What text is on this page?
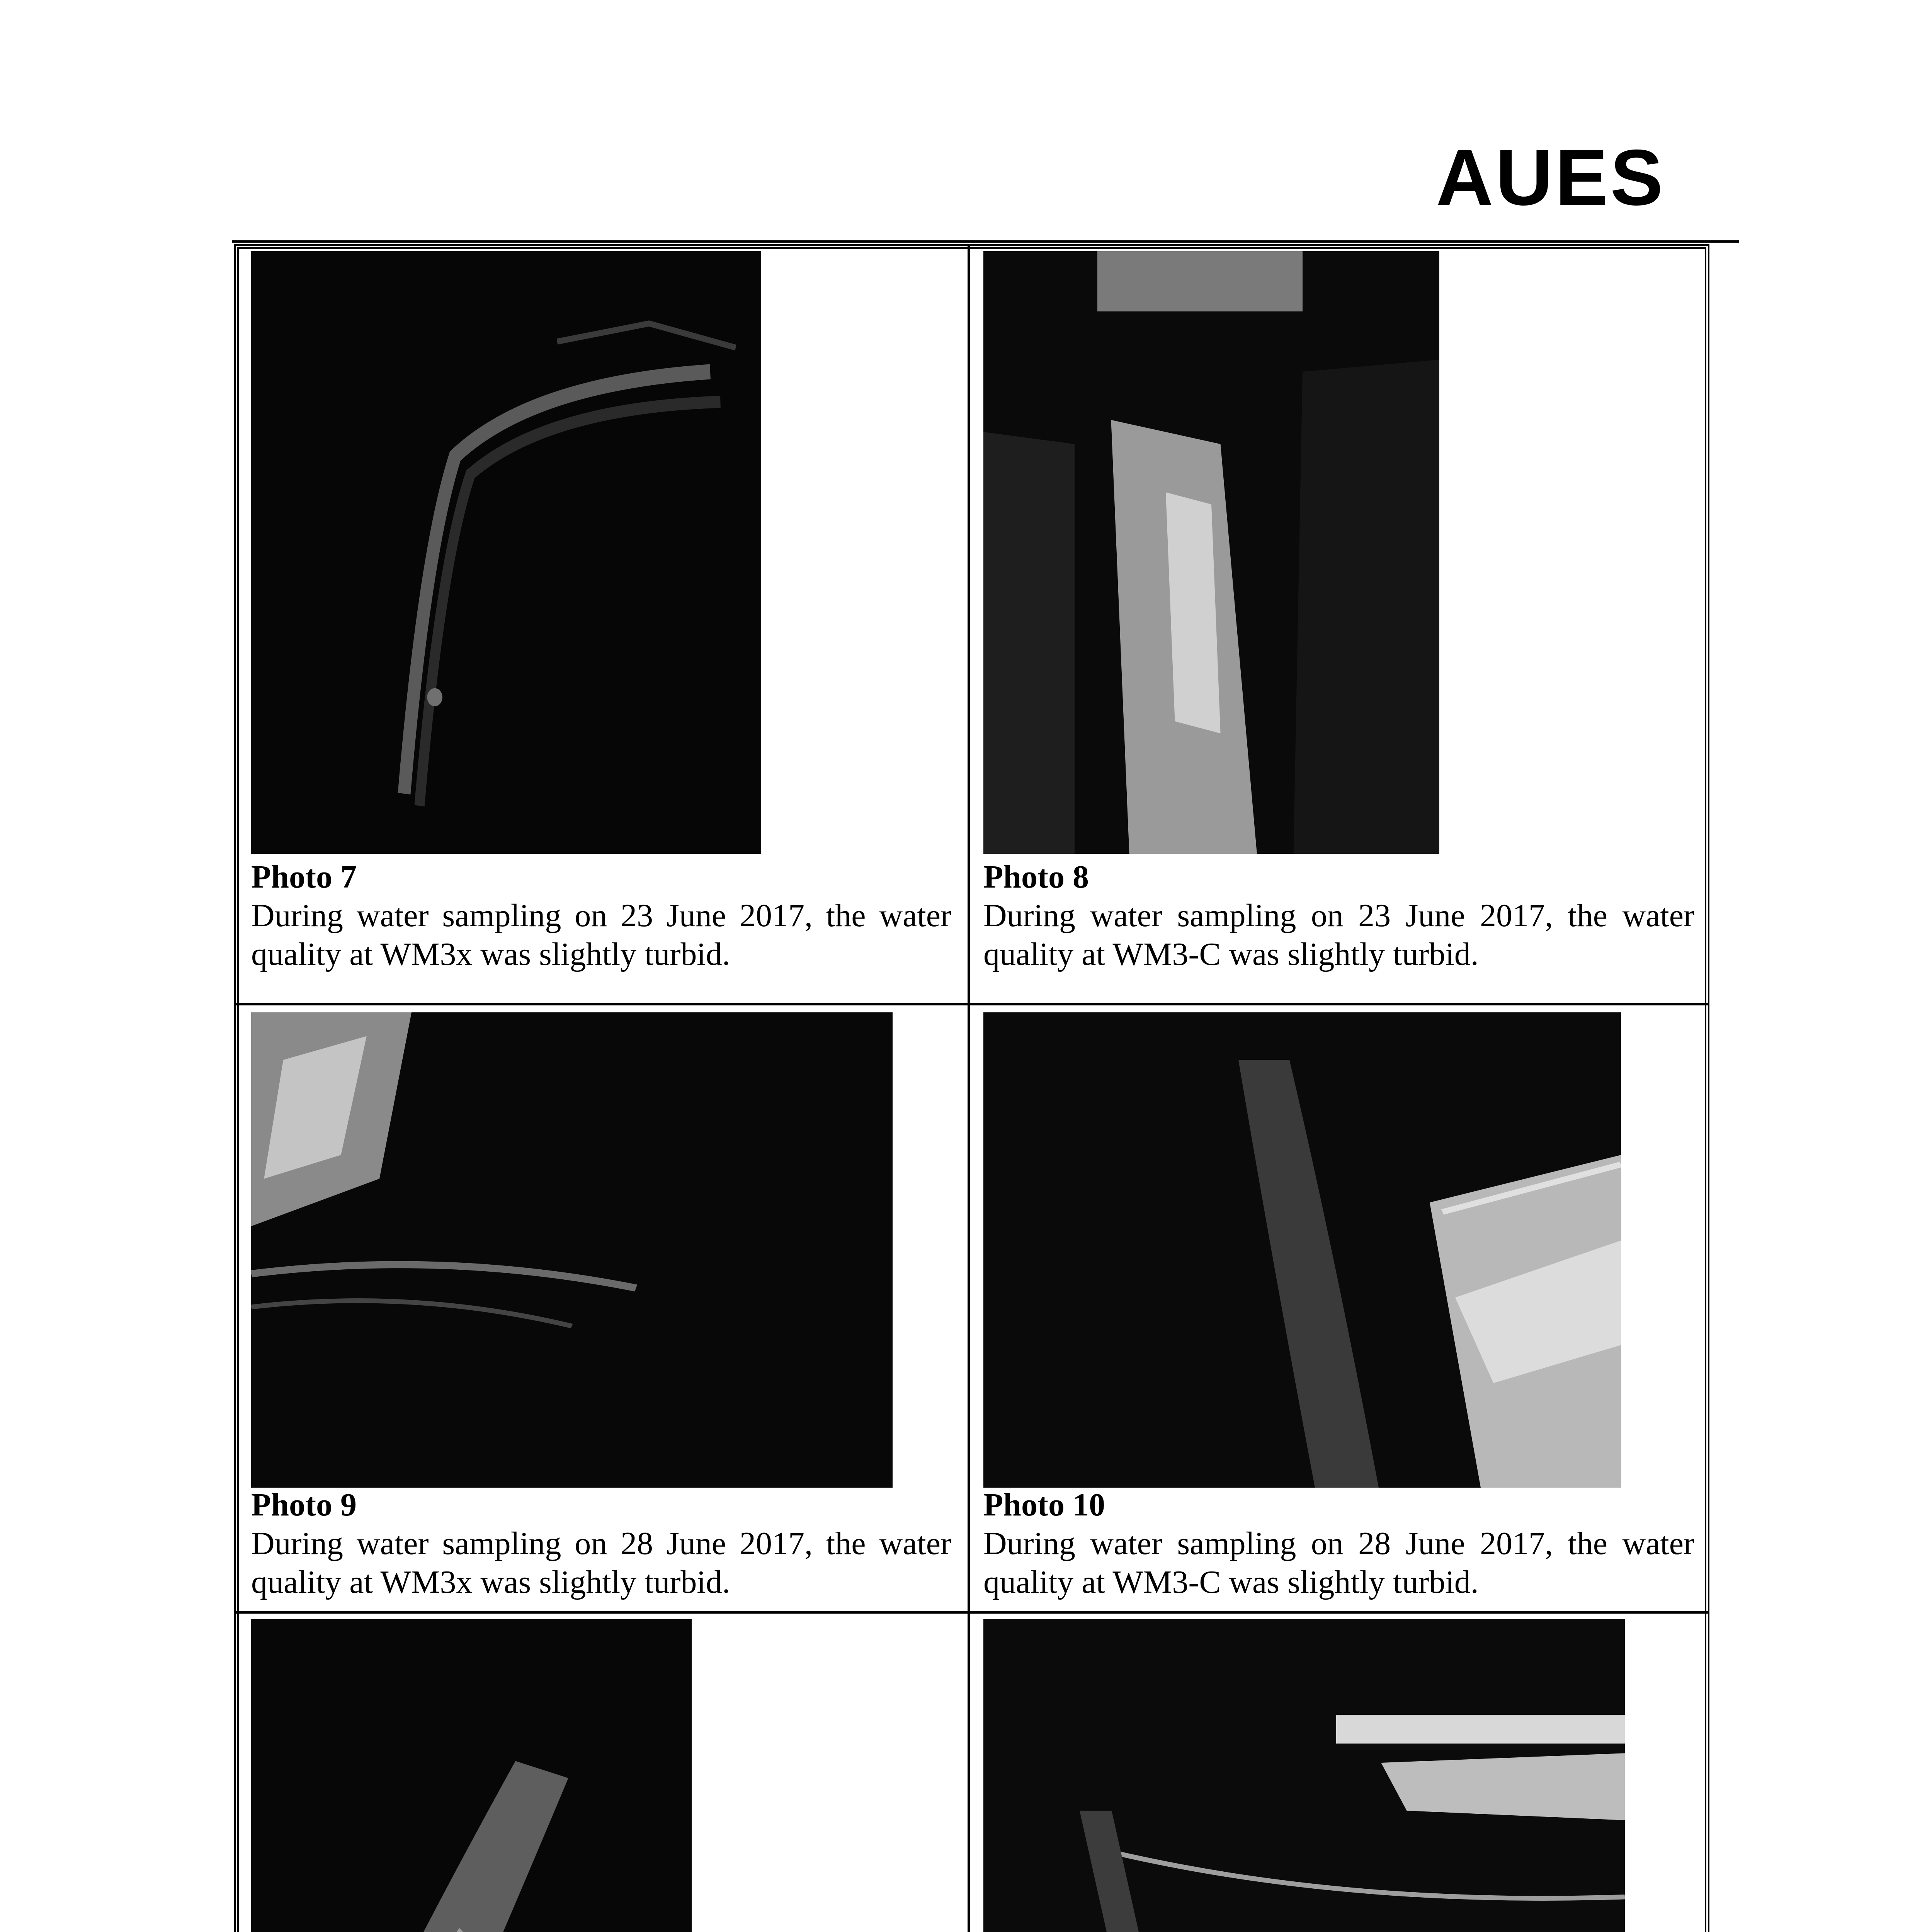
AUES
Photo 7
During water sampling on 23 June 2017, the water quality at WM3x was slightly turbid.
Photo 8
During water sampling on 23 June 2017, the water quality at WM3-C was slightly turbid.
Photo 9
During water sampling on 28 June 2017, the water quality at WM3x was slightly turbid.
Photo 10
During water sampling on 28 June 2017, the water quality at WM3-C was slightly turbid.
